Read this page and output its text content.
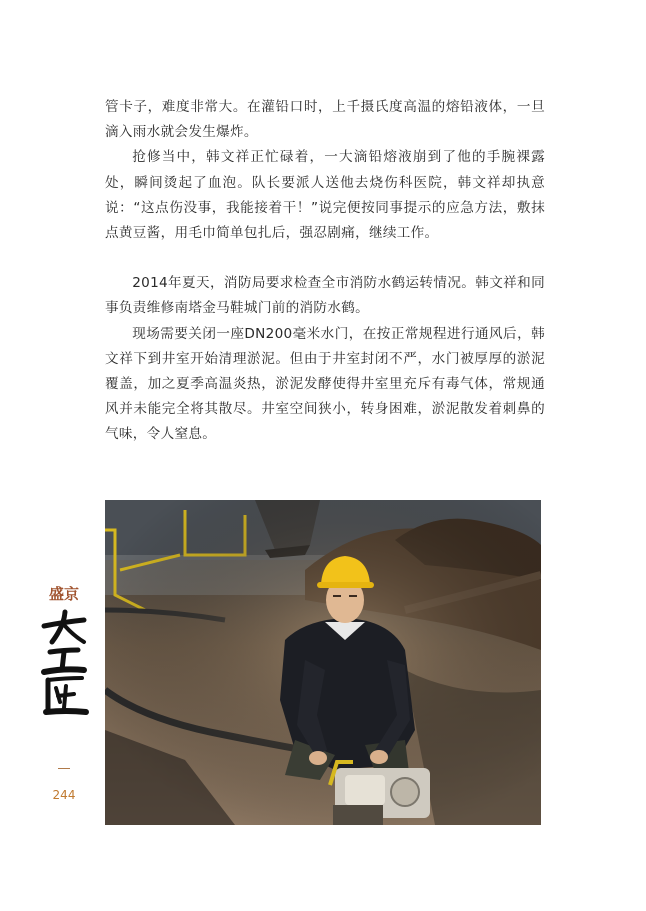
管卡子，难度非常大。在灌铅口时，上千摄氏度高温的熔铅液体，一旦滴入雨水就会发生爆炸。

抢修当中，韩文祥正忙碌着，一大滴铅熔液崩到了他的手腕裸露处，瞬间烫起了血泡。队长要派人送他去烧伤科医院，韩文祥却执意说：“这点伤没事，我能接着干！”说完便按同事提示的应急方法，敷抹点黄豆酱，用毛巾简单包扎后，强忍剧痛，继续工作。

2014年夏天，消防局要求检查全市消防水鹤运转情况。韩文祥和同事负责维修南塔金马鞋城门前的消防水鹤。

现场需要关闭一座DN200毫米水门，在按正常规程进行通风后，韩文祥下到井室开始清理淤泥。但由于井室封闭不严，水门被厚厚的淤泥覆盖，加之夏季高温炎热，淤泥发酵使得井室里充斥有毒气体，常规通风并未能完全将其散尽。井室空间狭小，转身困难，淤泥散发着刺鼻的气味，令人窒息。

盛京
244
